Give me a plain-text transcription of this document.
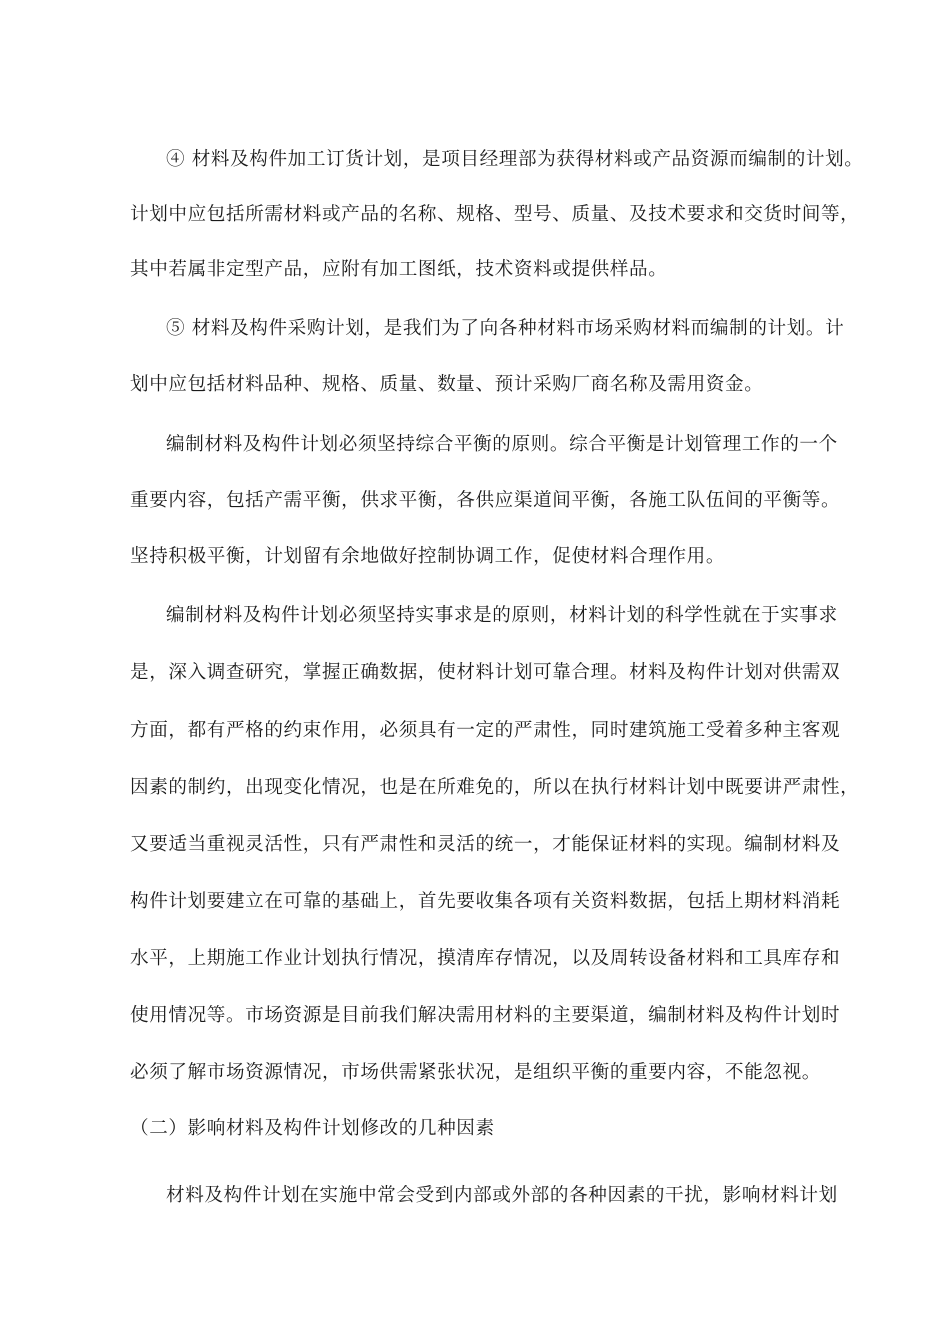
④ 材料及构件加工订货计划，是项目经理部为获得材料或产品资源而编制的计划。
计划中应包括所需材料或产品的名称、规格、型号、质量、及技术要求和交货时间等，
其中若属非定型产品，应附有加工图纸，技术资料或提供样品。
⑤ 材料及构件采购计划，是我们为了向各种材料市场采购材料而编制的计划。计
划中应包括材料品种、规格、质量、数量、预计采购厂商名称及需用资金。
编制材料及构件计划必须坚持综合平衡的原则。综合平衡是计划管理工作的一个
重要内容，包括产需平衡，供求平衡，各供应渠道间平衡，各施工队伍间的平衡等。
坚持积极平衡，计划留有余地做好控制协调工作，促使材料合理作用。
编制材料及构件计划必须坚持实事求是的原则，材料计划的科学性就在于实事求
是，深入调查研究，掌握正确数据，使材料计划可靠合理。材料及构件计划对供需双
方面，都有严格的约束作用，必须具有一定的严肃性，同时建筑施工受着多种主客观
因素的制约，出现变化情况，也是在所难免的，所以在执行材料计划中既要讲严肃性，
又要适当重视灵活性，只有严肃性和灵活的统一，才能保证材料的实现。编制材料及
构件计划要建立在可靠的基础上，首先要收集各项有关资料数据，包括上期材料消耗
水平，上期施工作业计划执行情况，摸清库存情况，以及周转设备材料和工具库存和
使用情况等。市场资源是目前我们解决需用材料的主要渠道，编制材料及构件计划时
必须了解市场资源情况，市场供需紧张状况，是组织平衡的重要内容，不能忽视。
（二）影响材料及构件计划修改的几种因素
材料及构件计划在实施中常会受到内部或外部的各种因素的干扰，影响材料计划
